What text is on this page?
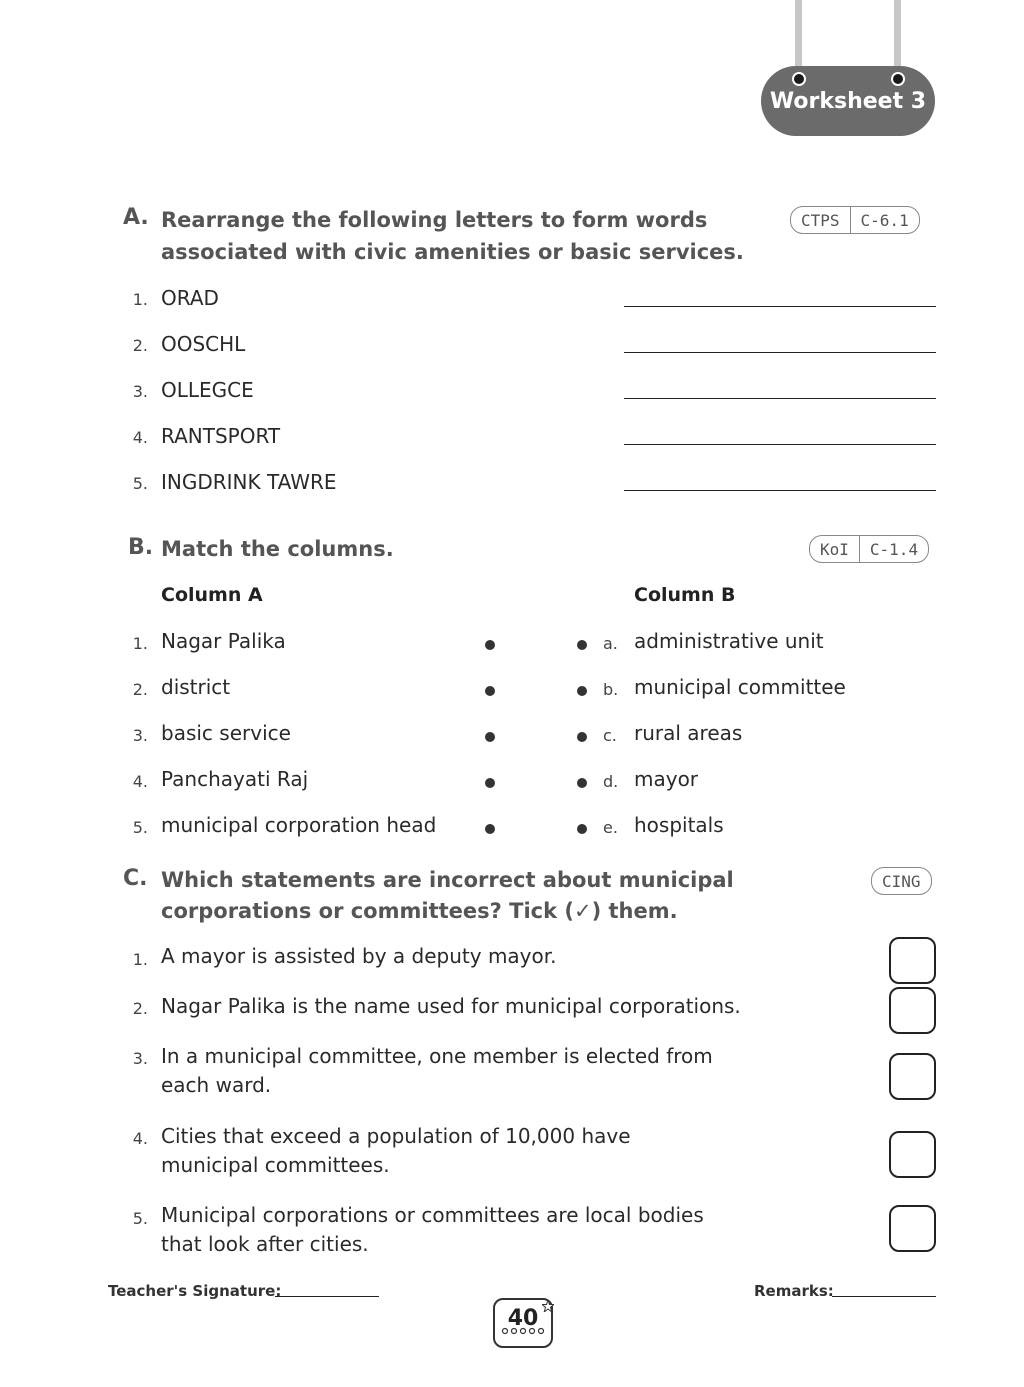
Worksheet 3
A. Rearrange the following letters to form words
associated with civic amenities or basic services.
CTPS	C-6.1
1. ORAD
2. OOSCHL
3. OLLEGCE
4. RANTSPORT
5. INGDRINK TAWRE
B. Match the columns.	KoI	C-1.4
Column A	Column B
1. Nagar Palika	a. administrative unit
2. district	b. municipal committee
3. basic service	c. rural areas
4. Panchayati Raj	d. mayor
5. municipal corporation head	e. hospitals
C. Which statements are incorrect about municipal
corporations or committees? Tick (✓) them.
CING
1. A mayor is assisted by a deputy mayor.
2. Nagar Palika is the name used for municipal corporations.
3. In a municipal committee, one member is elected from
each ward.
4. Cities that exceed a population of 10,000 have
municipal committees.
5. Municipal corporations or committees are local bodies
that look after cities.
Teacher's Signature:	Remarks:
40
